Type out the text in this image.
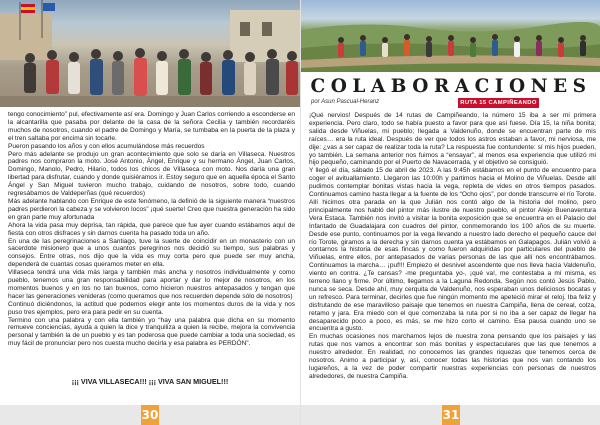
tengo conocimiento” pul, efectivamente así era. Domingo y Juan Carlos corriendo a esconderse en la alcantarilla que pasaba por delante de la casa de la señora Cecilia y también recordaréis muchos de nosotros, cuando el padre de Domingo y María, se tumbaba en la puerta de la plaza y el tren saltaba por encima sin tocarle.

Pueron pasando los años y con ellos acumulándose más recuerdos

Pero más adelante se produjo un gran acontecimiento que solo se daría en Villaseca. Nuestros padres nos compraron la moto. José Antonio, Ángel, Enrique y su hermano Ángel, Juan Carlos, Domingo, Manolo, Pedro, Hilario, todos los chicos de Villaseca con moto. Nos daría una gran libertad para disfrutar, cuando y donde quisiéramos ir. Estoy seguro que en aquella época el Santo Ángel y San Miguel tuvieron mucho trabajo, cuidando de nosotros, sobre todo, cuando regresábamos de Valdeperñas (qué recuerdos)

Más adelante hablando con Enrique de este fenómeno, la definió de la siguiente manera “nuestros padres perdieron la cabeza y se volvieron locos” ¡qué suerte! Creo que nuestra generación ha sido en gran parte muy afortunada

Ahora la vida pasa muy deprisa, tan rápida, que parece que fue ayer cuando estábamos aquí de fiesta con otros disfraces y sin darnos cuenta ha pasado toda un año.

En una de las peregrinaciones a Santiago, tuve la suerte de coincidir en un monasterio con un sacerdote misionero que a unos cuantos peregrinos nos decidió su tiempo, sus palabras y consejos. Entre otras, nos dijo que la vida es muy corta pero que puede ser muy ancha, dependerá de cuantas cosas queramos meter en ella.

Villaseca tendrá una vida más larga y también más ancha y nosotros individualmente y como pueblo, tenemos una gran responsabilidad para aportar y dar lo mejor de nosotros, en los momentos buenos y en los no tan buenos, como hicieron nuestros antepasados y tengan que hacer las generaciones venideras (como queramos que nos recuerden depende sólo de nosotros)

Continuó diciéndonos, la actitud que podemos elegir ante los momentos duros de la vida y nos puso tres ejemplos, pero era para pedir en su cuenta.

Termino con una palabra y con ella también yo “hay una palabra que dicha en su momento remueve conciencias, ayuda a quien la dice y tranquiliza a quien la recibe, mejora la convivencia personal y también la de un pueblo y es tan poderosa que puede cambiar a toda una sociedad, es muy fácil de pronunciar pero nos cuesta mucho decirla y esa palabra es PERDÓN”.

¡¡¡ VIVA VILLASECA!!! ¡¡¡ VIVA SAN MIGUEL!!!
30
COLABORACIONES
por Asun Pascual-Heranz	RUTA 15 CAMPIÑEANDO

¡Qué nervios! Después de 14 rutas de Campiñeando, la número 15 iba a ser mi primera experiencia. Pero claro, todo se había puesto a favor para que así fuese. Día 15, la niña bonita; salida desde Viñuelas, mi pueblo; llegada a Valdenuño, donde se encuentran parte de mis raíces… era la ruta ideal. Después de ver que todos los astros estaban a favor, mi nerviosa, me dije: ¿vas a ser capaz de realizar toda la ruta? La respuesta fue contundente: sí mis hijos pueden, yo también. La semana anterior nos fuimos a “ensayar”, al menos esa experiencia que utilizó mi hijo pequeño, caminando por el Puerto de Navacerrada, y el objetivo se consiguió.

Y llegó el día, sábado 15 de abril de 2023. A las 9:45h estábamos en el punto de encuentro para coger el avituallamiento. Llegaron las 10:00h y partimos hacia el Molino de Viñuelas. Desde allí pudimos contemplar bonitas vistas hacia la vega, repleta de vides en otros tiempos pasados. Continuamos camino hasta llegar a la fuente de los “Ocho ojos”, por donde transcurre el río Torote. Allí hicimos otra parada en la que Julián nos contó algo de la historia del molino, pero principalmente nos habló del pintor más ilustre de nuestro pueblo, el pintor Alejo Buenaventura Vera Estaca. También nos invitó a visitar la bonita exposición que se encuentra en el Palacio del Infantado de Guadalajara con cuadros del pintor, conmemorando los 100 años de su muerte. Desde ese punto, continuamos por la vega llevando a nuestro lado derecho el pequeño cauce del río Torote, giramos a la derecha y sin darnos cuenta ya estábamos en Galapagos. Julián volvió a contarnos la historia de esas fincas y como fueron adquiridas por particulares del pueblo de Viñuelas, entre ellos, por antepasados de varias personas de las que allí nos encontrábamos. Continuamos la marcha… ¡puf!!! Empiezo el desnivel ascendente que nos lleva hacia Valdenuño, viento en contra. ¿Te cansas? -me preguntaba yo-, ¡qué va!, me contestaba a mí misma, es terreno llano y firme. Por último, llegamos a la Laguna Redonda. Según nos contó Jesús Pablo, nunca se seca. Desde ahí, muy cerquita de Valdenuño, nos esperaban unos deliciosos bocatas y un refresco. Para terminar, decirles que fue ningún momento me apeteció mirar el reloj. Iba feliz y disfrutando de ese maravilloso paisaje que tenemos en nuestra Campiña, llena de cereal, colza, retamo y jara. Era miedo con el que comenzaba la ruta por si no iba a ser capaz de llegar ha desaparecido poco a poco, es más, se me hizo corto el camino. Esa pausa cuando uno se encuentra a gusto.

En muchas ocasiones nos marchamos lejos de nuestra zona pensando que los paisajes y las rutas que nos vamos a encontrar son más bonitas y espectaculares que las que tenemos a nuestro alrededor. En realidad, no conocemos las grandes riquezas que tenemos cerca de nosotros. Animo a participar y, así, conocer todas las historias que nos van contando los lugareños, a la vez de poder compartir nuestras experiencias con personas de nuestros alrededores, de nuestra Campiña.

31
